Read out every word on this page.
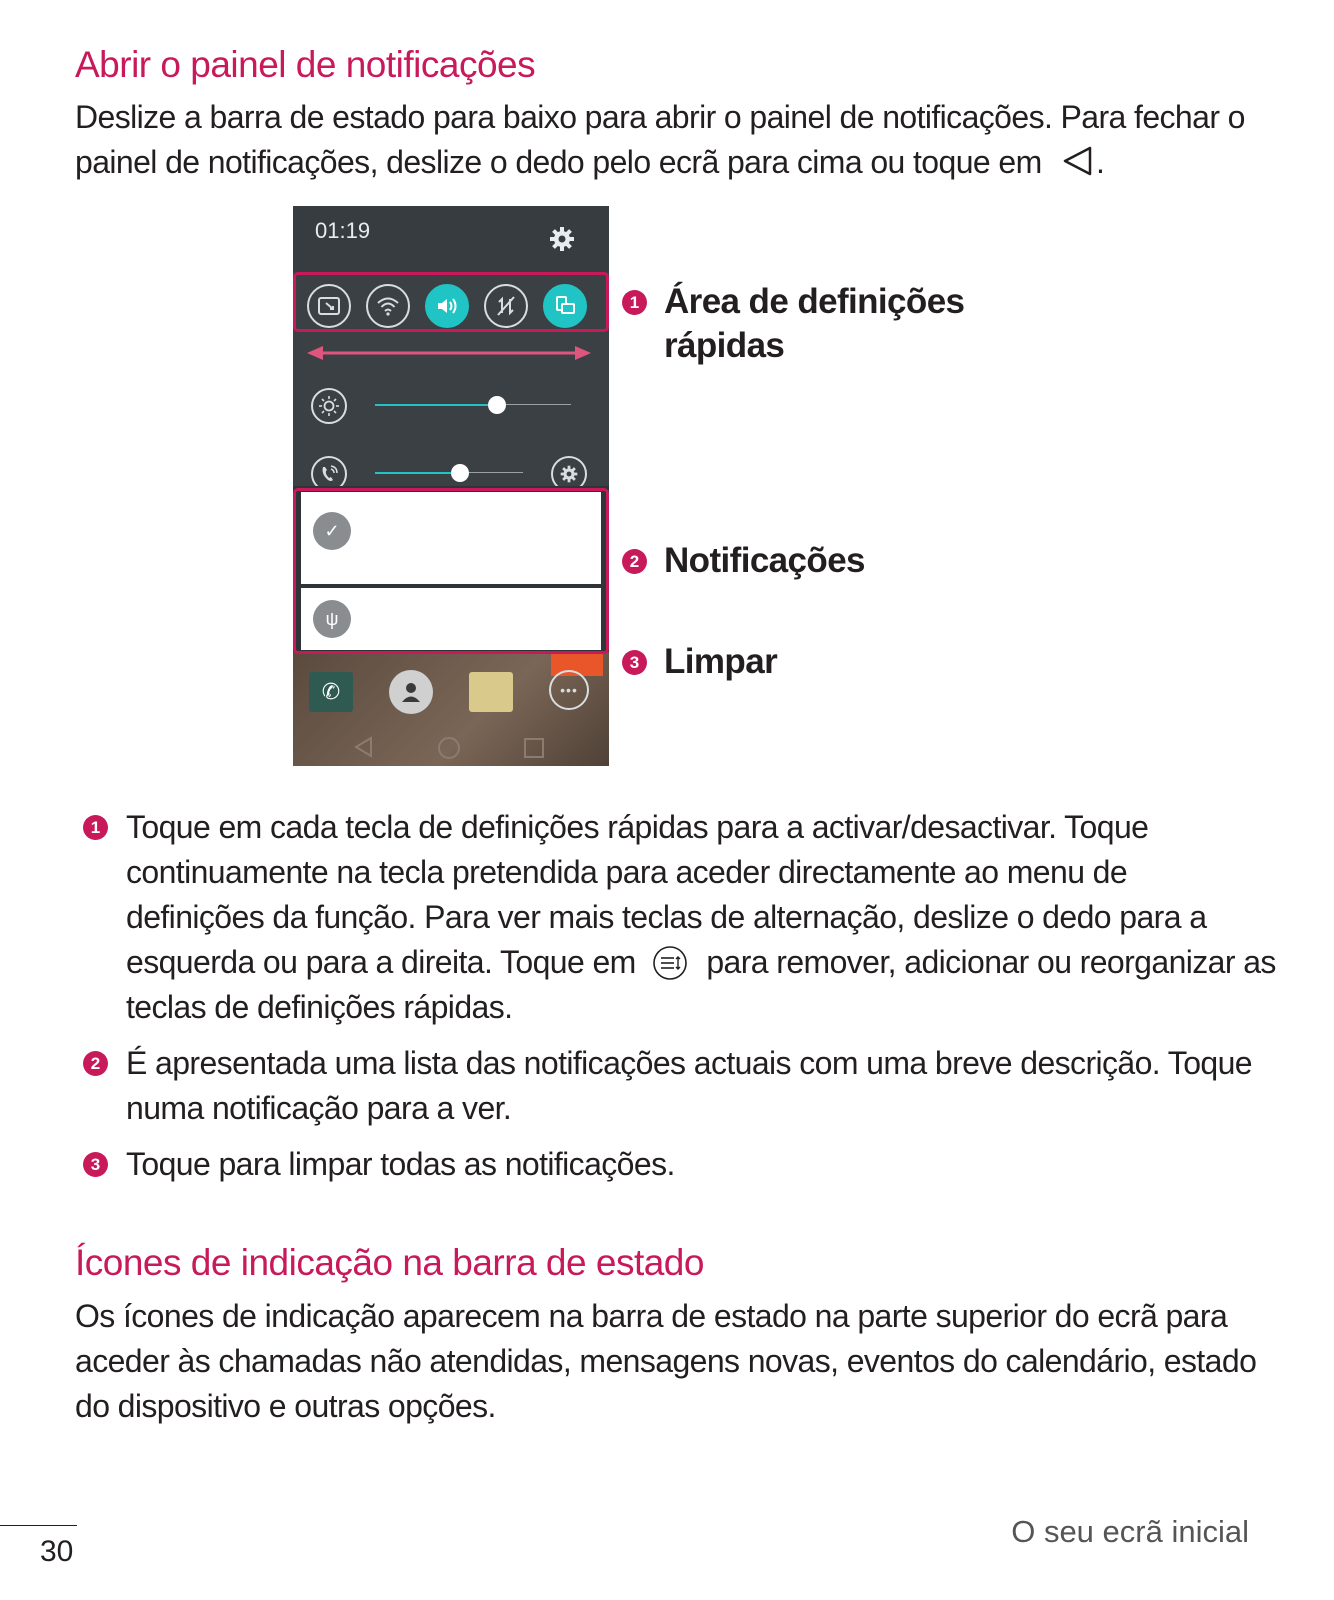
Abrir o painel de notificações
Deslize a barra de estado para baixo para abrir o painel de notificações. Para fechar o
painel de notificações, deslize o dedo pelo ecrã para cima ou toque em .
01:19
✓
ψ
✆	•••
1 Área de definições
rápidas
2 Notificações
3 Limpar
1 Toque em cada tecla de definições rápidas para a activar/desactivar. Toque
continuamente na tecla pretendida para aceder directamente ao menu de
definições da função. Para ver mais teclas de alternação, deslize o dedo para a
esquerda ou para a direita. Toque em para remover, adicionar ou reorganizar as
teclas de definições rápidas.
2 É apresentada uma lista das notificações actuais com uma breve descrição. Toque
numa notificação para a ver.
3 Toque para limpar todas as notificações.
Ícones de indicação na barra de estado
Os ícones de indicação aparecem na barra de estado na parte superior do ecrã para
aceder às chamadas não atendidas, mensagens novas, eventos do calendário, estado
do dispositivo e outras opções.
30
O seu ecrã inicial
